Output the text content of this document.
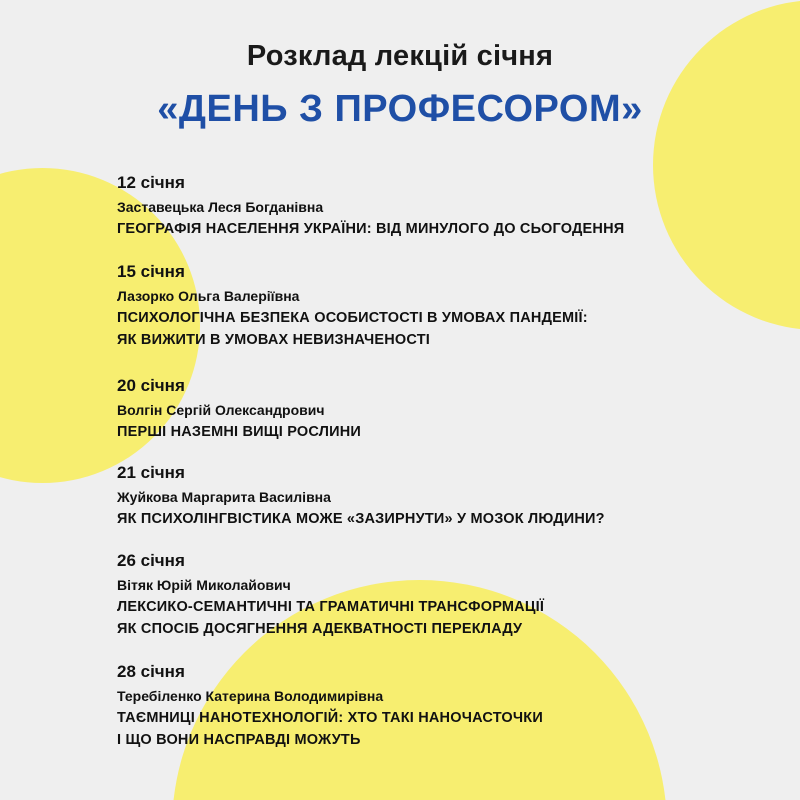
Розклад лекцій січня
«ДЕНЬ З ПРОФЕСОРОМ»
12 січня
Заставецька Леся Богданівна
ГЕОГРАФІЯ НАСЕЛЕННЯ УКРАЇНИ: ВІД МИНУЛОГО ДО СЬОГОДЕННЯ
15 січня
Лазорко Ольга Валеріївна
ПСИХОЛОГІЧНА БЕЗПЕКА ОСОБИСТОСТІ В УМОВАХ ПАНДЕМІЇ:
ЯК ВИЖИТИ В УМОВАХ НЕВИЗНАЧЕНОСТІ
20 січня
Волгін Сергій Олександрович
ПЕРШІ НАЗЕМНІ ВИЩІ РОСЛИНИ
21 січня
Жуйкова Маргарита Василівна
ЯК ПСИХОЛІНГВІСТИКА МОЖЕ «ЗАЗИРНУТИ» У МОЗОК ЛЮДИНИ?
26 січня
Вітяк Юрій Миколайович
ЛЕКСИКО-СЕМАНТИЧНІ ТА ГРАМАТИЧНІ ТРАНСФОРМАЦІЇ
ЯК СПОСІБ ДОСЯГНЕННЯ АДЕКВАТНОСТІ ПЕРЕКЛАДУ
28 січня
Теребіленко Катерина Володимирівна
ТАЄМНИЦІ НАНОТЕХНОЛОГІЙ: ХТО ТАКІ НАНОЧАСТОЧКИ
І ЩО ВОНИ НАСПРАВДІ МОЖУТЬ
